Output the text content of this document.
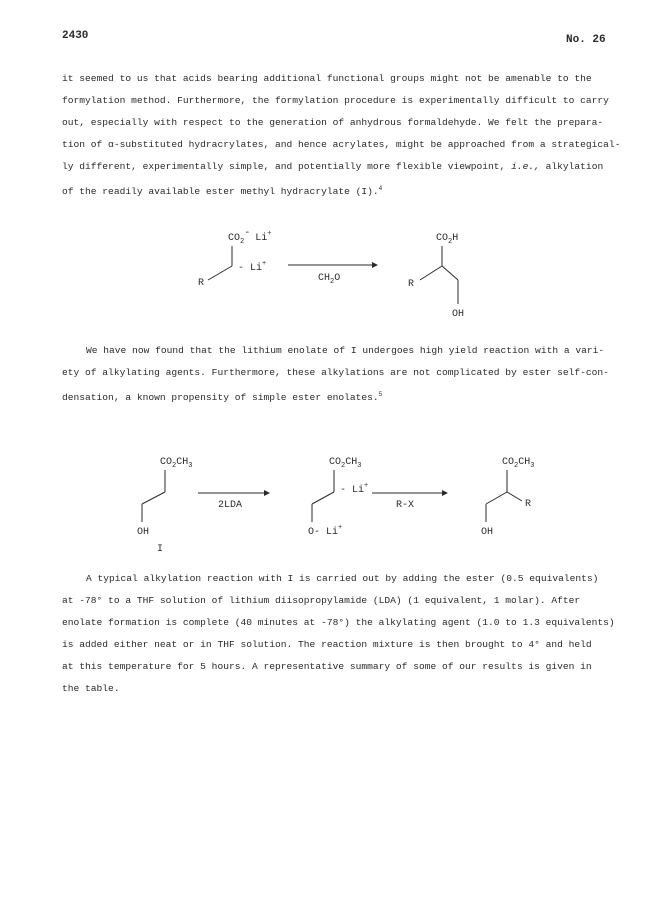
2430	No. 26
it seemed to us that acids bearing additional functional groups might not be amenable to the
formylation method. Furthermore, the formylation procedure is experimentally difficult to carry
out, especially with respect to the generation of anhydrous formaldehyde. We felt the prepara-
tion of α-substituted hydracrylates, and hence acrylates, might be approached from a strategical-
ly different, experimentally simple, and potentially more flexible viewpoint, i.e., alkylation
of the readily available ester methyl hydracrylate (I).$^4$
$CO_2-$ Li+
- Li+
R	$CH_2O$
$CO_2H$
R
OH
We have now found that the lithium enolate of I undergoes high yield reaction with a vari-
ety of alkylating agents. Furthermore, these alkylations are not complicated by ester self-con-
densation, a known propensity of simple ester enolates.$^5$
$CO_2CH_3$
OH
I
2LDA
$CO_2CH_3$
- Li+
O- Li+
R-X
$CO_2CH_3$
R
OH
A typical alkylation reaction with I is carried out by adding the ester (0.5 equivalents)
at -78° to a THF solution of lithium diisopropylamide (LDA) (1 equivalent, 1 molar). After
enolate formation is complete (40 minutes at -78°) the alkylating agent (1.0 to 1.3 equivalents)
is added either neat or in THF solution. The reaction mixture is then brought to 4° and held
at this temperature for 5 hours. A representative summary of some of our results is given in
the table.
